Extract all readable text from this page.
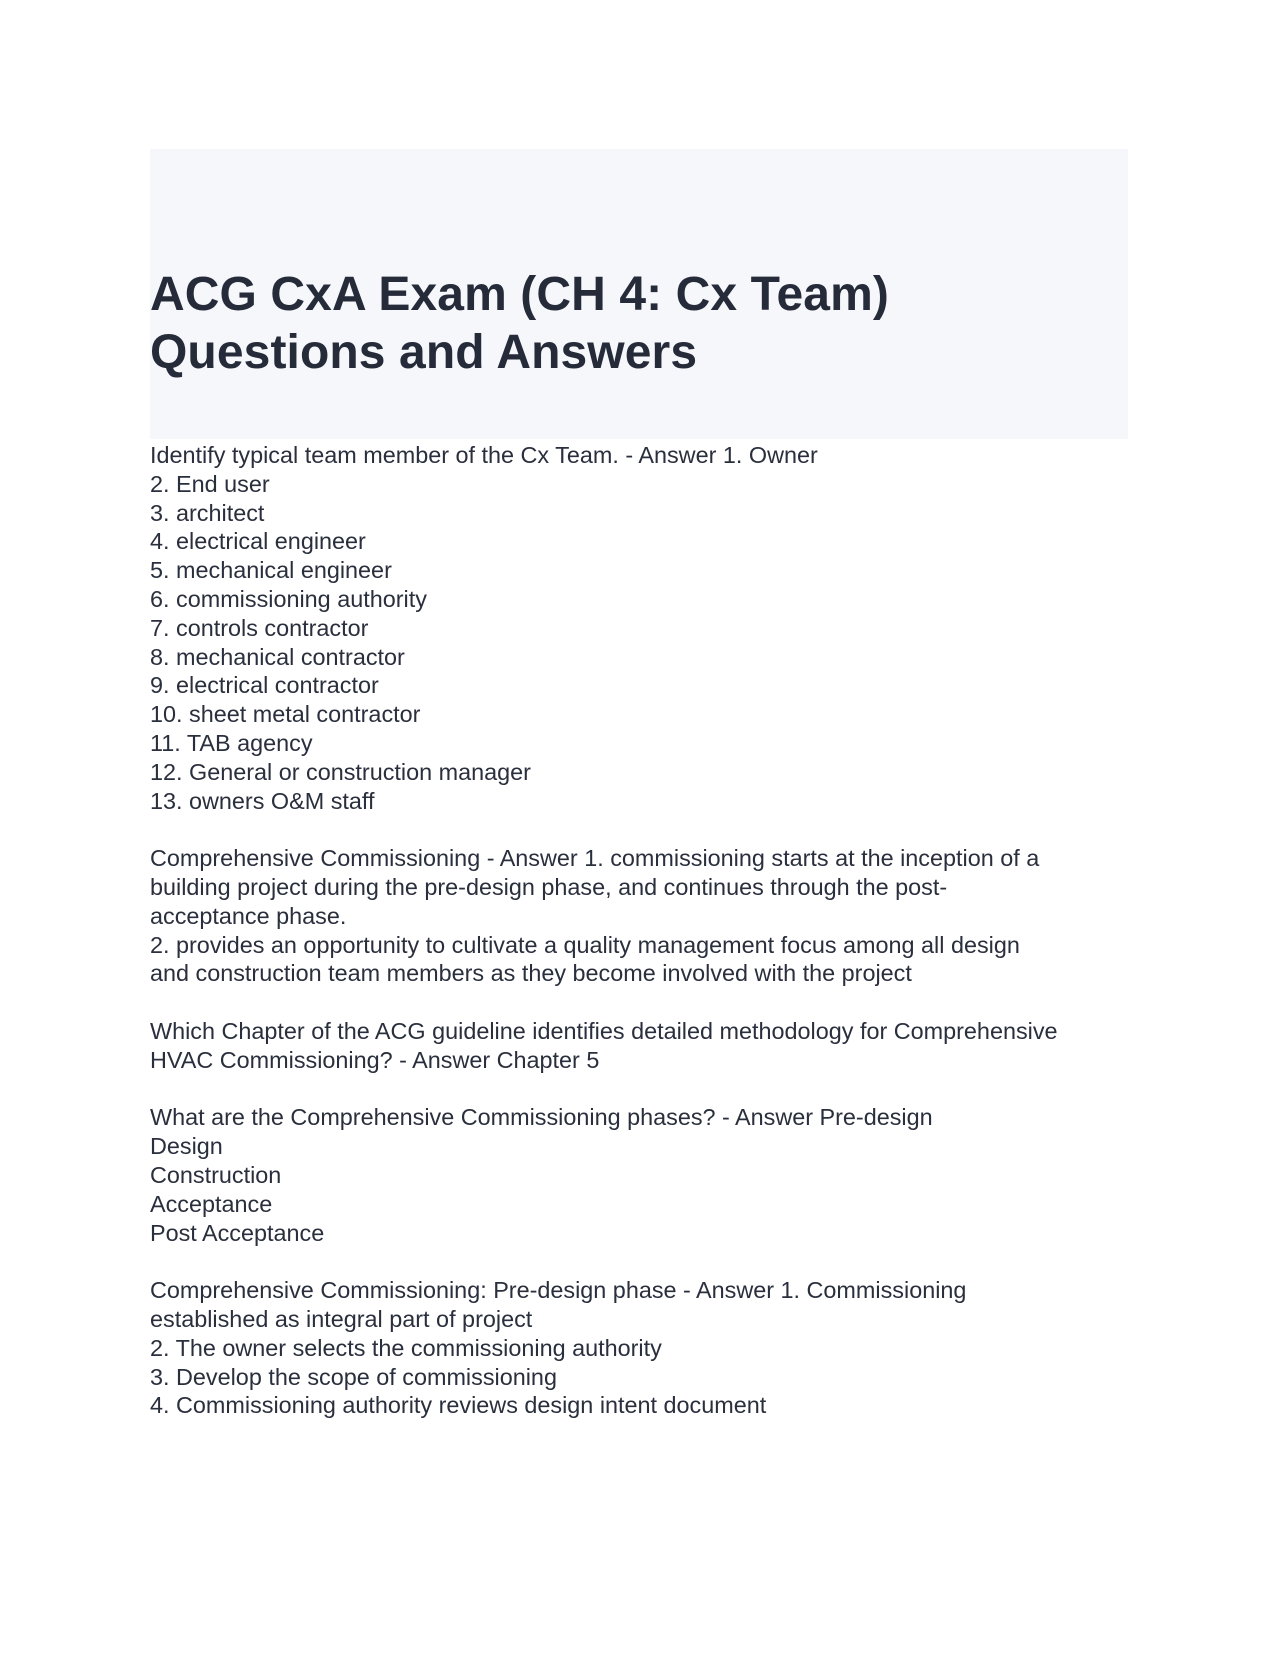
ACG CxA Exam (CH 4: Cx Team)
Questions and Answers
Identify typical team member of the Cx Team. - Answer 1. Owner
2. End user
3. architect
4. electrical engineer
5. mechanical engineer
6. commissioning authority
7. controls contractor
8. mechanical contractor
9. electrical contractor
10. sheet metal contractor
11. TAB agency
12. General or construction manager
13. owners O&M staff
Comprehensive Commissioning - Answer 1. commissioning starts at the inception of a
building project during the pre-design phase, and continues through the post-
acceptance phase.
2. provides an opportunity to cultivate a quality management focus among all design
and construction team members as they become involved with the project
Which Chapter of the ACG guideline identifies detailed methodology for Comprehensive
HVAC Commissioning? - Answer Chapter 5
What are the Comprehensive Commissioning phases? - Answer Pre-design
Design
Construction
Acceptance
Post Acceptance
Comprehensive Commissioning: Pre-design phase - Answer 1. Commissioning
established as integral part of project
2. The owner selects the commissioning authority
3. Develop the scope of commissioning
4. Commissioning authority reviews design intent document
